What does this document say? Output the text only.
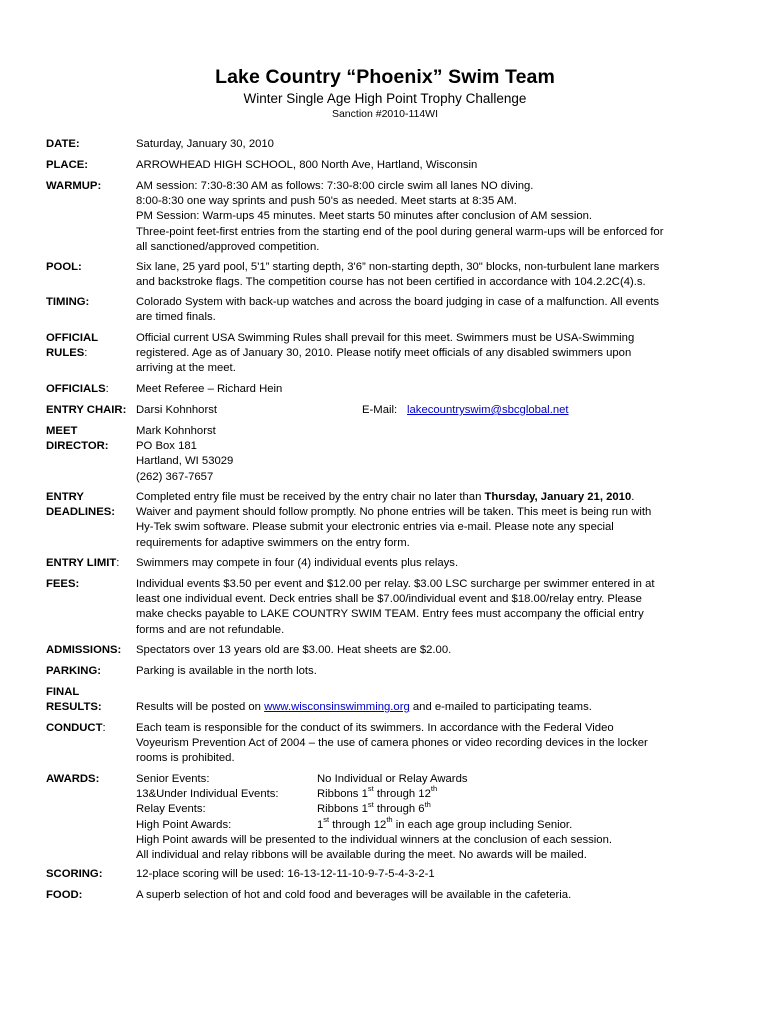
Lake Country “Phoenix” Swim Team
Winter Single Age High Point Trophy Challenge
Sanction #2010-114WI
DATE:	Saturday, January 30, 2010
PLACE:	ARROWHEAD HIGH SCHOOL, 800 North Ave, Hartland, Wisconsin
WARMUP:	AM session: 7:30-8:30 AM as follows: 7:30-8:00 circle swim all lanes NO diving.
8:00-8:30 one way sprints and push 50's as needed. Meet starts at 8:35 AM.
PM Session: Warm-ups 45 minutes. Meet starts 50 minutes after conclusion of AM session.
Three-point feet-first entries from the starting end of the pool during general warm-ups will be enforced for
all sanctioned/approved competition.
POOL:	Six lane, 25 yard pool, 5'1” starting depth, 3'6” non-starting depth, 30" blocks, non-turbulent lane markers
and backstroke flags. The competition course has not been certified in accordance with 104.2.2C(4).s.
TIMING:	Colorado System with back-up watches and across the board judging in case of a malfunction. All events
are timed finals.
OFFICIAL
RULES:
Official current USA Swimming Rules shall prevail for this meet. Swimmers must be USA-Swimming
registered. Age as of January 30, 2010. Please notify meet officials of any disabled swimmers upon
arriving at the meet.
OFFICIALS:	Meet Referee – Richard Hein
ENTRY CHAIR: Darsi Kohnhorst	E-Mail: lakecountryswim@sbcglobal.net
MEET
DIRECTOR:
Mark Kohnhorst
PO Box 181
Hartland, WI 53029
(262) 367-7657
ENTRY
DEADLINES:
Completed entry file must be received by the entry chair no later than Thursday, January 21, 2010.
Waiver and payment should follow promptly. No phone entries will be taken. This meet is being run with
Hy-Tek swim software. Please submit your electronic entries via e-mail. Please note any special
requirements for adaptive swimmers on the entry form.
ENTRY LIMIT:	Swimmers may compete in four (4) individual events plus relays.
FEES:	Individual events $3.50 per event and $12.00 per relay. $3.00 LSC surcharge per swimmer entered in at
least one individual event. Deck entries shall be $7.00/individual event and $18.00/relay entry. Please
make checks payable to LAKE COUNTRY SWIM TEAM. Entry fees must accompany the official entry
forms and are not refundable.
ADMISSIONS:	Spectators over 13 years old are $3.00. Heat sheets are $2.00.
PARKING:	Parking is available in the north lots.
FINAL
RESULTS:	Results will be posted on www.wisconsinswimming.org and e-mailed to participating teams.
CONDUCT:	Each team is responsible for the conduct of its swimmers. In accordance with the Federal Video
Voyeurism Prevention Act of 2004 – the use of camera phones or video recording devices in the locker
rooms is prohibited.
AWARDS:	Senior Events:	No Individual or Relay Awards
13&Under Individual Events:	Ribbons 1st through 12th
Relay Events:	Ribbons 1st through 6th
High Point Awards:	1st through 12th in each age group including Senior.
High Point awards will be presented to the individual winners at the conclusion of each session.
All individual and relay ribbons will be available during the meet. No awards will be mailed.
SCORING:	12-place scoring will be used: 16-13-12-11-10-9-7-5-4-3-2-1
FOOD:	A superb selection of hot and cold food and beverages will be available in the cafeteria.
